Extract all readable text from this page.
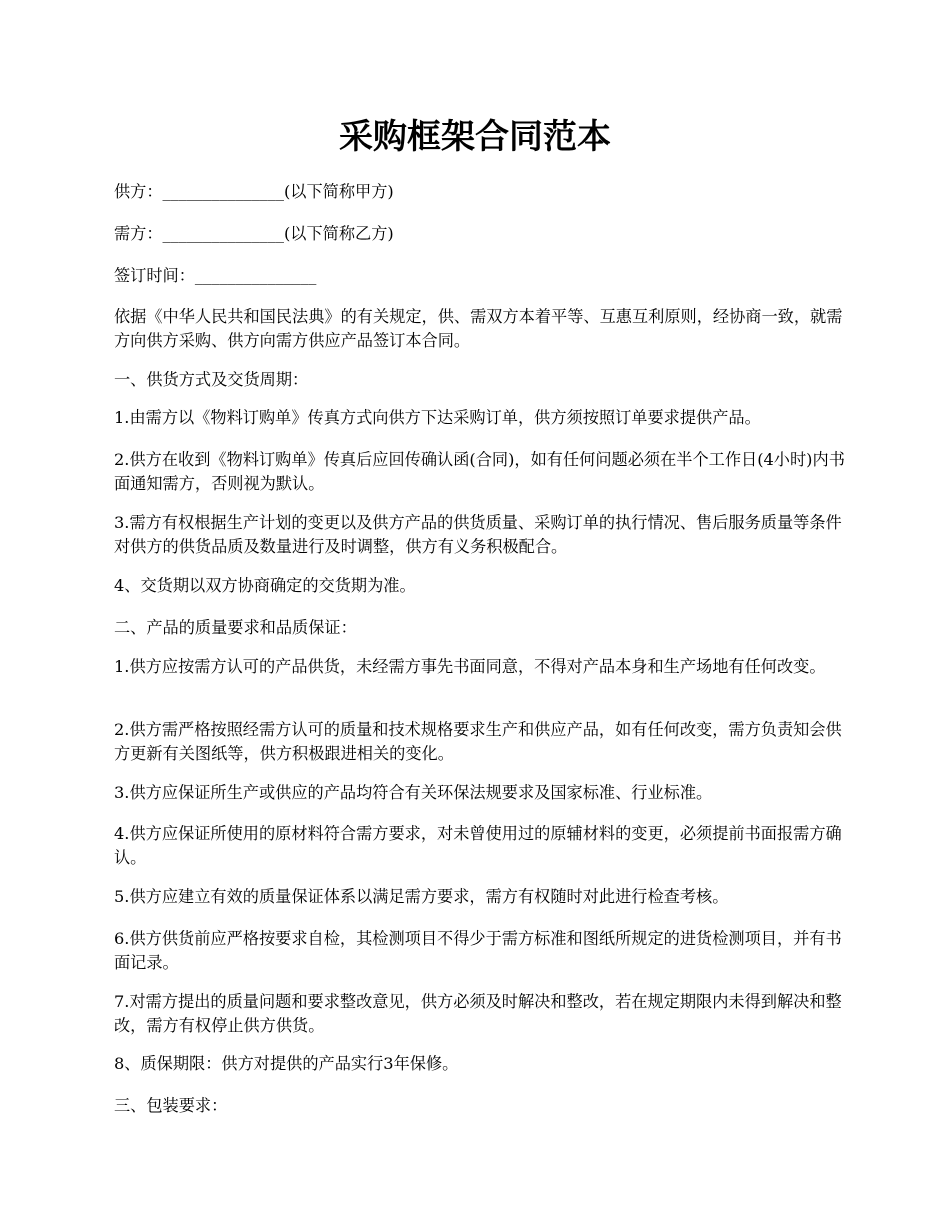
采购框架合同范本

供方：_______________(以下简称甲方)

需方：_______________(以下简称乙方)

签订时间：_______________

依据《中华人民共和国民法典》的有关规定，供、需双方本着平等、互惠互利原则，经协商一致，就需方向供方采购、供方向需方供应产品签订本合同。

一、供货方式及交货周期：

1.由需方以《物料订购单》传真方式向供方下达采购订单，供方须按照订单要求提供产品。

2.供方在收到《物料订购单》传真后应回传确认函(合同)，如有任何问题必须在半个工作日(4小时)内书面通知需方，否则视为默认。

3.需方有权根据生产计划的变更以及供方产品的供货质量、采购订单的执行情况、售后服务质量等条件对供方的供货品质及数量进行及时调整，供方有义务积极配合。

4、交货期以双方协商确定的交货期为准。

二、产品的质量要求和品质保证：

1.供方应按需方认可的产品供货，未经需方事先书面同意，不得对产品本身和生产场地有任何改变。

2.供方需严格按照经需方认可的质量和技术规格要求生产和供应产品，如有任何改变，需方负责知会供方更新有关图纸等，供方积极跟进相关的变化。

3.供方应保证所生产或供应的产品均符合有关环保法规要求及国家标准、行业标准。

4.供方应保证所使用的原材料符合需方要求，对未曾使用过的原辅材料的变更，必须提前书面报需方确认。

5.供方应建立有效的质量保证体系以满足需方要求，需方有权随时对此进行检查考核。

6.供方供货前应严格按要求自检，其检测项目不得少于需方标准和图纸所规定的进货检测项目，并有书面记录。

7.对需方提出的质量问题和要求整改意见，供方必须及时解决和整改，若在规定期限内未得到解决和整改，需方有权停止供方供货。

8、质保期限：供方对提供的产品实行3年保修。

三、包装要求：
